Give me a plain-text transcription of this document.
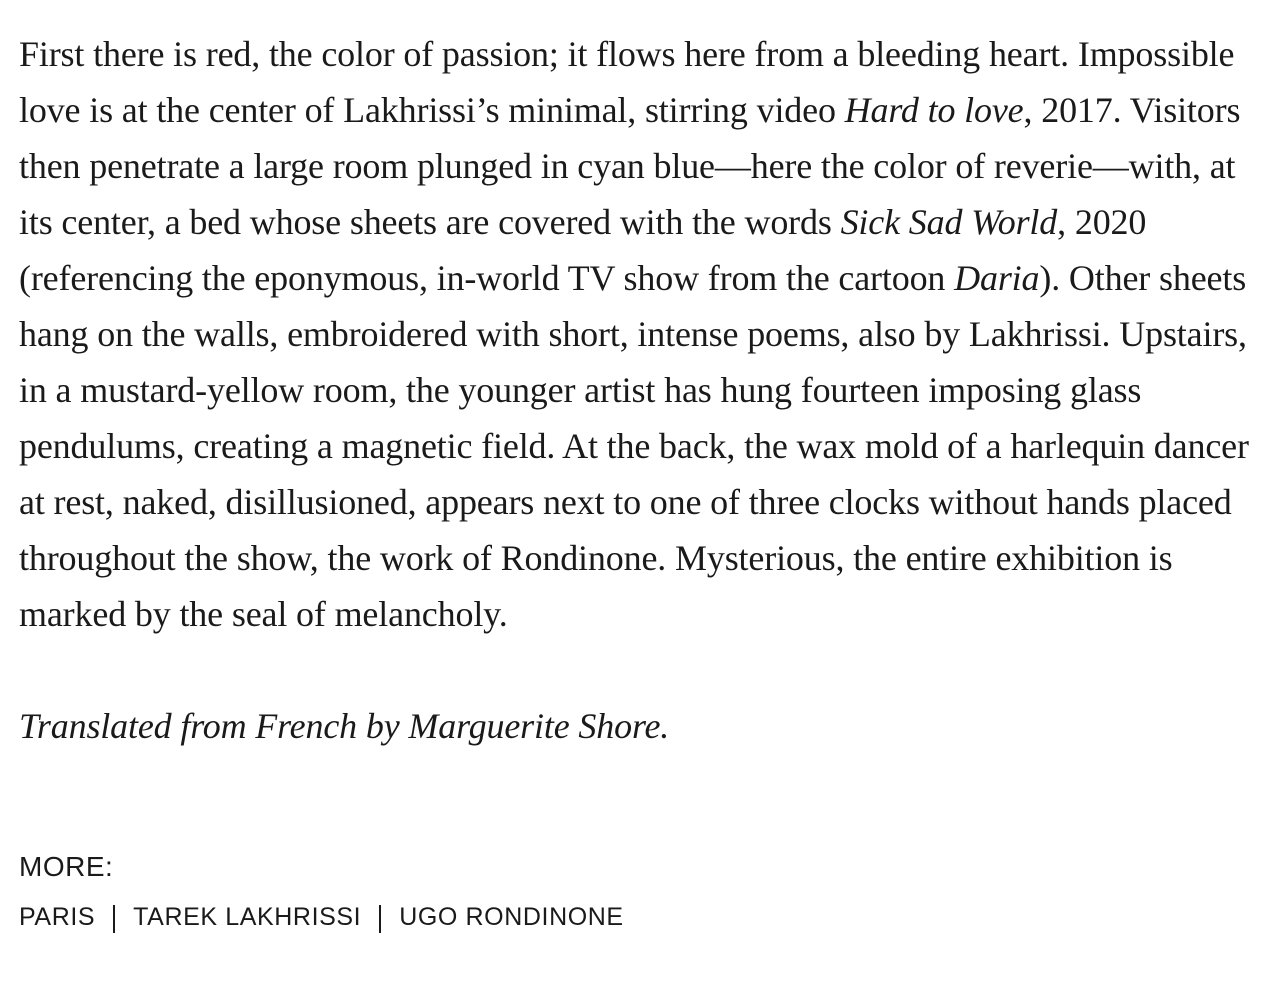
First there is red, the color of passion; it flows here from a bleeding heart. Impossible love is at the center of Lakhrissi’s minimal, stirring video Hard to love, 2017. Visitors then penetrate a large room plunged in cyan blue—here the color of reverie—with, at its center, a bed whose sheets are covered with the words Sick Sad World, 2020 (referencing the eponymous, in-world TV show from the cartoon Daria). Other sheets hang on the walls, embroidered with short, intense poems, also by Lakhrissi. Upstairs, in a mustard-yellow room, the younger artist has hung fourteen imposing glass pendulums, creating a magnetic field. At the back, the wax mold of a harlequin dancer at rest, naked, disillusioned, appears next to one of three clocks without hands placed throughout the show, the work of Rondinone. Mysterious, the entire exhibition is marked by the seal of melancholy.

Translated from French by Marguerite Shore.

MORE:
PARIS TAREK LAKHRISSI UGO RONDINONE
